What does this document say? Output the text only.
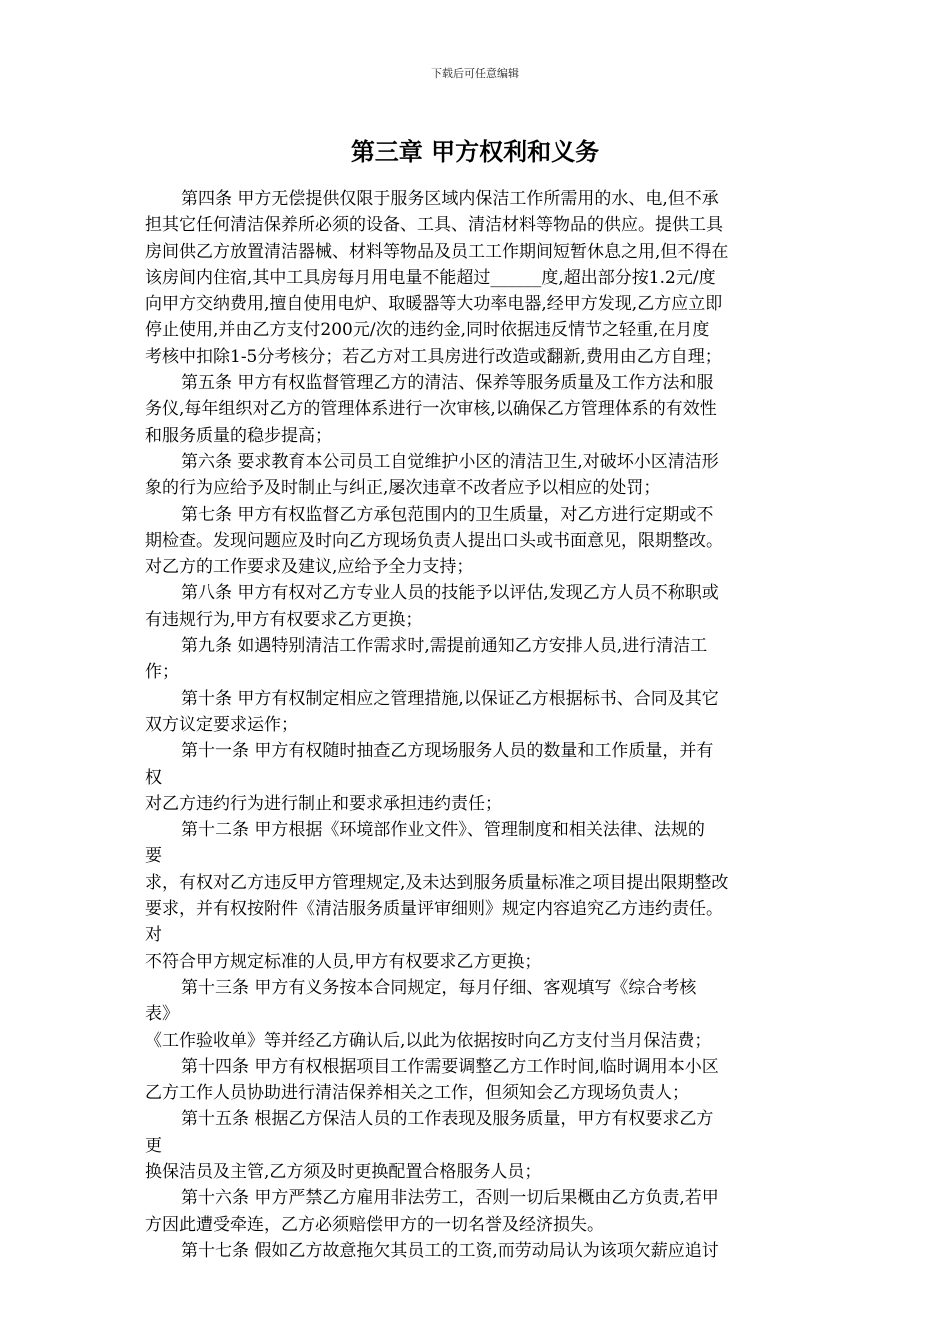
下载后可任意编辑
第三章 甲方权利和义务
第四条 甲方无偿提供仅限于服务区域内保洁工作所需用的水、电,但不承
担其它任何清洁保养所必须的设备、工具、清洁材料等物品的供应。提供工具
房间供乙方放置清洁器械、材料等物品及员工工作期间短暂休息之用,但不得在
该房间内住宿,其中工具房每月用电量不能超过______度,超出部分按1.2元/度
向甲方交纳费用,擅自使用电炉、取暖器等大功率电器,经甲方发现,乙方应立即
停止使用,并由乙方支付200元/次的违约金,同时依据违反情节之轻重,在月度
考核中扣除1-5分考核分；若乙方对工具房进行改造或翻新,费用由乙方自理；
第五条 甲方有权监督管理乙方的清洁、保养等服务质量及工作方法和服
务仪,每年组织对乙方的管理体系进行一次审核,以确保乙方管理体系的有效性
和服务质量的稳步提高；
第六条 要求教育本公司员工自觉维护小区的清洁卫生,对破坏小区清洁形
象的行为应给予及时制止与纠正,屡次违章不改者应予以相应的处罚；
第七条 甲方有权监督乙方承包范围内的卫生质量，对乙方进行定期或不
期检查。发现问题应及时向乙方现场负责人提出口头或书面意见，限期整改。
对乙方的工作要求及建议,应给予全力支持；
第八条 甲方有权对乙方专业人员的技能予以评估,发现乙方人员不称职或
有违规行为,甲方有权要求乙方更换；
第九条 如遇特别清洁工作需求时,需提前通知乙方安排人员,进行清洁工
作；
第十条 甲方有权制定相应之管理措施,以保证乙方根据标书、合同及其它
双方议定要求运作；
第十一条 甲方有权随时抽查乙方现场服务人员的数量和工作质量，并有
权
对乙方违约行为进行制止和要求承担违约责任；
第十二条 甲方根据《环境部作业文件》、管理制度和相关法律、法规的
要
求，有权对乙方违反甲方管理规定,及未达到服务质量标准之项目提出限期整改
要求，并有权按附件《清洁服务质量评审细则》规定内容追究乙方违约责任。
对
不符合甲方规定标准的人员,甲方有权要求乙方更换；
第十三条 甲方有义务按本合同规定，每月仔细、客观填写《综合考核
表》
《工作验收单》等并经乙方确认后,以此为依据按时向乙方支付当月保洁费；
第十四条 甲方有权根据项目工作需要调整乙方工作时间,临时调用本小区
乙方工作人员协助进行清洁保养相关之工作，但须知会乙方现场负责人；
第十五条 根据乙方保洁人员的工作表现及服务质量，甲方有权要求乙方
更
换保洁员及主管,乙方须及时更换配置合格服务人员；
第十六条 甲方严禁乙方雇用非法劳工，否则一切后果概由乙方负责,若甲
方因此遭受牵连，乙方必须赔偿甲方的一切名誉及经济损失。
第十七条 假如乙方故意拖欠其员工的工资,而劳动局认为该项欠薪应追讨
